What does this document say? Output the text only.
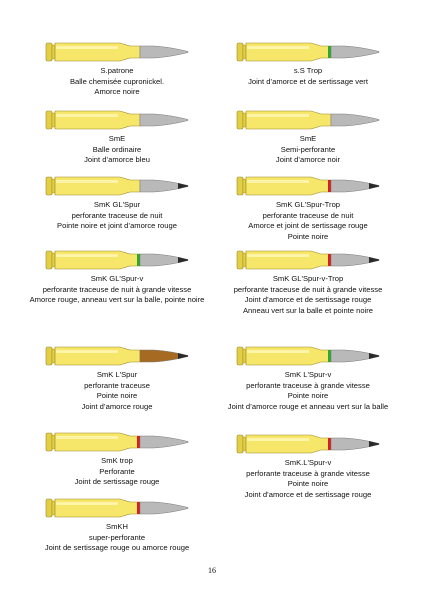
S.patrone
Balle chemisée cupronickel.
Amorce noire
s.S Trop
Joint d’amorce et de sertissage vert
SmE
Balle ordinaire
Joint d’amorce bleu
SmE
Semi-perforante
Joint d’amorce noir
SmK GL'Spur
perforante traceuse de nuit
Pointe noire et joint d’amorce rouge
SmK GL'Spur-Trop
perforante traceuse de nuit
Amorce et joint de sertissage rouge
Pointe noire
SmK GL'Spur-v
perforante traceuse de nuit à grande vitesse
Amorce rouge, anneau vert sur la balle, pointe noire
SmK GL'Spur-v-Trop
perforante traceuse de nuit à grande vitesse
Joint d’amorce et de sertissage rouge
Anneau vert sur la balle et pointe noire
SmK L'Spur
perforante traceuse
Pointe noire
Joint d’amorce rouge
SmK L'Spur-v
perforante traceuse à grande vitesse
Pointe noire
Joint d’amorce rouge et anneau vert sur la balle
SmK trop
Perforante
Joint de sertissage rouge
SmK.L'Spur-v
perforante traceuse à grande vitesse
Pointe noire
Joint d’amorce et de sertissage rouge
SmKH
super-perforante
Joint de sertissage rouge ou amorce rouge
16
